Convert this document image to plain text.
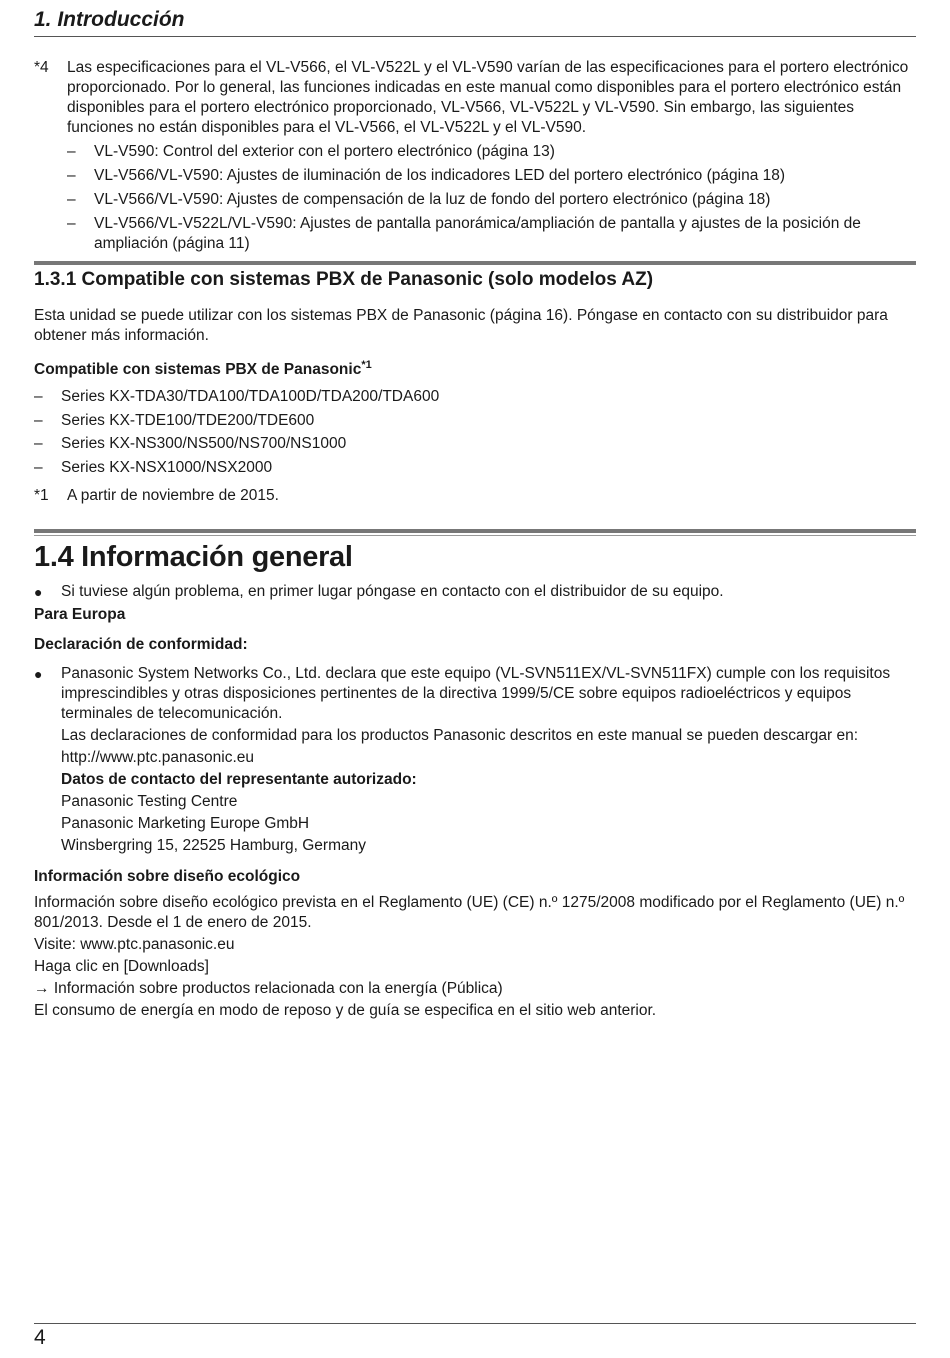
1. Introducción
*4 Las especificaciones para el VL-V566, el VL-V522L y el VL-V590 varían de las especificaciones para el portero electrónico proporcionado. Por lo general, las funciones indicadas en este manual como disponibles para el portero electrónico están disponibles para el portero electrónico proporcionado, VL-V566, VL-V522L y VL-V590. Sin embargo, las siguientes funciones no están disponibles para el VL-V566, el VL-V522L y el VL-V590.

– VL-V590: Control del exterior con el portero electrónico (página 13)
– VL-V566/VL-V590: Ajustes de iluminación de los indicadores LED del portero electrónico (página 18)
– VL-V566/VL-V590: Ajustes de compensación de la luz de fondo del portero electrónico (página 18)
– VL-V566/VL-V522L/VL-V590: Ajustes de pantalla panorámica/ampliación de pantalla y ajustes de la posición de ampliación (página 11)
1.3.1 Compatible con sistemas PBX de Panasonic (solo modelos AZ)

Esta unidad se puede utilizar con los sistemas PBX de Panasonic (página 16). Póngase en contacto con su distribuidor para obtener más información.

Compatible con sistemas PBX de Panasonic$^{*1}$
– Series KX-TDA30/TDA100/TDA100D/TDA200/TDA600
– Series KX-TDE100/TDE200/TDE600
– Series KX-NS300/NS500/NS700/NS1000
– Series KX-NSX1000/NSX2000
*1 A partir de noviembre de 2015.
1.4 Información general
● Si tuviese algún problema, en primer lugar póngase en contacto con el distribuidor de su equipo.
Para Europa
Declaración de conformidad:
● Panasonic System Networks Co., Ltd. declara que este equipo (VL-SVN511EX/VL-SVN511FX) cumple con los requisitos imprescindibles y otras disposiciones pertinentes de la directiva 1999/5/CE sobre equipos radioeléctricos y equipos terminales de telecomunicación.

Las declaraciones de conformidad para los productos Panasonic descritos en este manual se pueden descargar en:

http://www.ptc.panasonic.eu

Datos de contacto del representante autorizado:

Panasonic Testing Centre

Panasonic Marketing Europe GmbH

Winsbergring 15, 22525 Hamburg, Germany

Información sobre diseño ecológico

Información sobre diseño ecológico prevista en el Reglamento (UE) (CE) n.º 1275/2008 modificado por el Reglamento (UE) n.º 801/2013. Desde el 1 de enero de 2015.

Visite: www.ptc.panasonic.eu

Haga clic en [Downloads]

→ Información sobre productos relacionada con la energía (Pública)

El consumo de energía en modo de reposo y de guía se especifica en el sitio web anterior.

4
